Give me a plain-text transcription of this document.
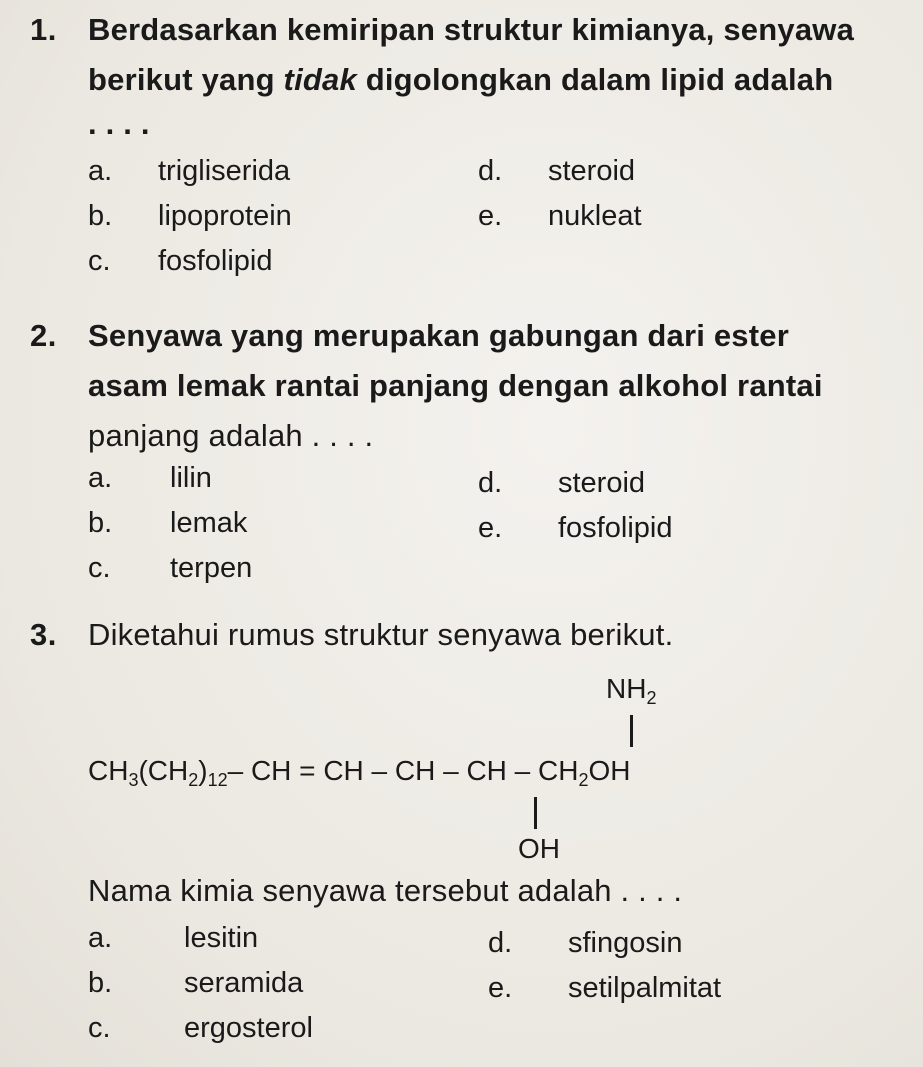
1. Berdasarkan kemiripan struktur kimianya, senyawa
berikut yang tidak digolongkan dalam lipid adalah
. . . .
a. trigliserida
b. lipoprotein
c. fosfolipid
d. steroid
e. nukleat
2. Senyawa yang merupakan gabungan dari ester
asam lemak rantai panjang dengan alkohol rantai
panjang adalah . . . .
a. lilin
b. lemak
c. terpen
d. steroid
e. fosfolipid
3. Diketahui rumus struktur senyawa berikut.
$NH_2$
$CH_3(CH_2)_{12}-$ CH = CH – CH – CH – $CH_2OH$
OH
Nama kimia senyawa tersebut adalah . . . .
a. lesitin
b. seramida
c.	ergosterol
d. sfingosin
e. setilpalmitat
